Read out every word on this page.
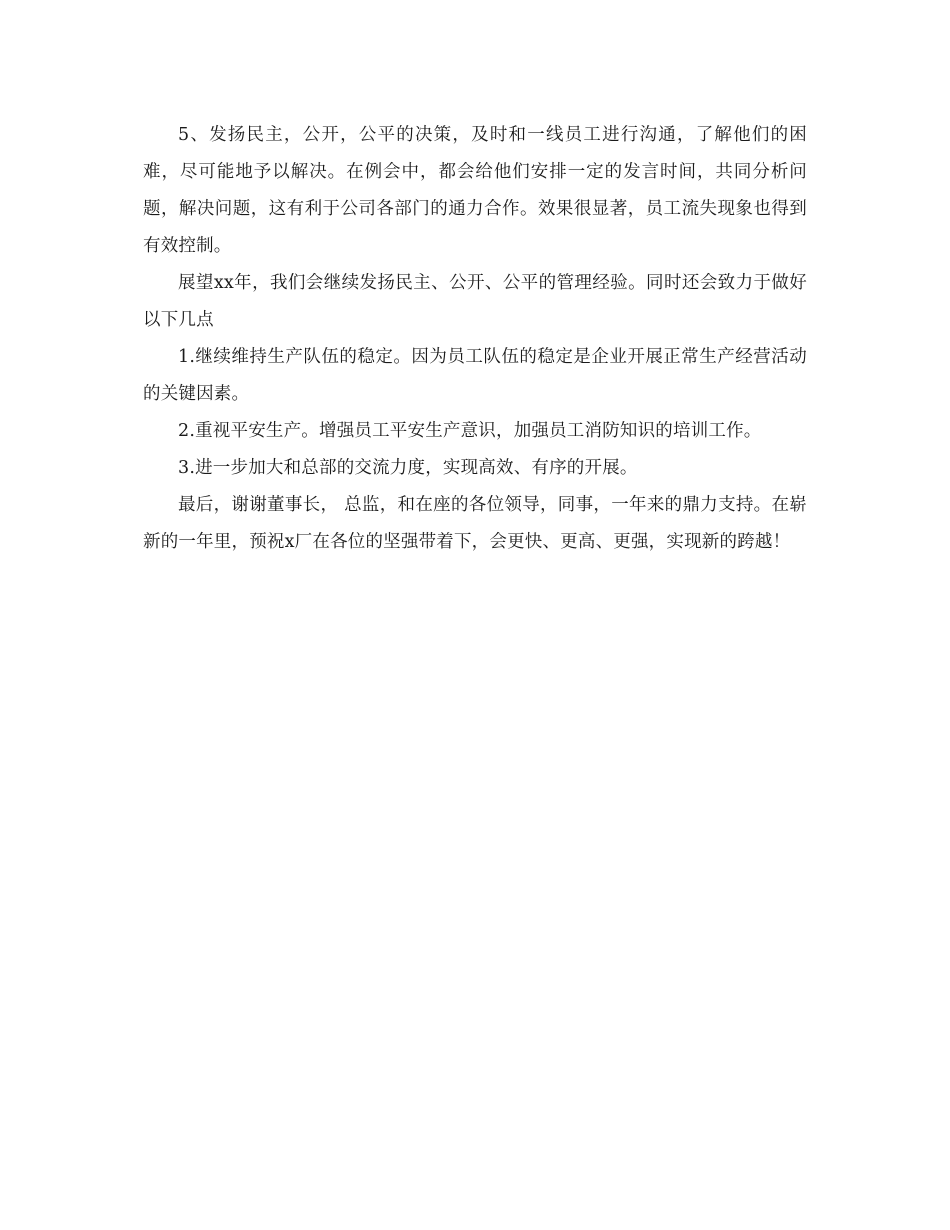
5、发扬民主，公开，公平的决策，及时和一线员工进行沟通，了解他们的困难，尽可能地予以解决。在例会中，都会给他们安排一定的发言时间，共同分析问题，解决问题，这有利于公司各部门的通力合作。效果很显著，员工流失现象也得到有效控制。

展望xx年，我们会继续发扬民主、公开、公平的管理经验。同时还会致力于做好以下几点

1.继续维持生产队伍的稳定。因为员工队伍的稳定是企业开展正常生产经营活动的关键因素。

2.重视平安生产。增强员工平安生产意识，加强员工消防知识的培训工作。

3.进一步加大和总部的交流力度，实现高效、有序的开展。

最后，谢谢董事长， 总监，和在座的各位领导，同事，一年来的鼎力支持。在崭新的一年里，预祝x厂在各位的坚强带着下，会更快、更高、更强，实现新的跨越！
